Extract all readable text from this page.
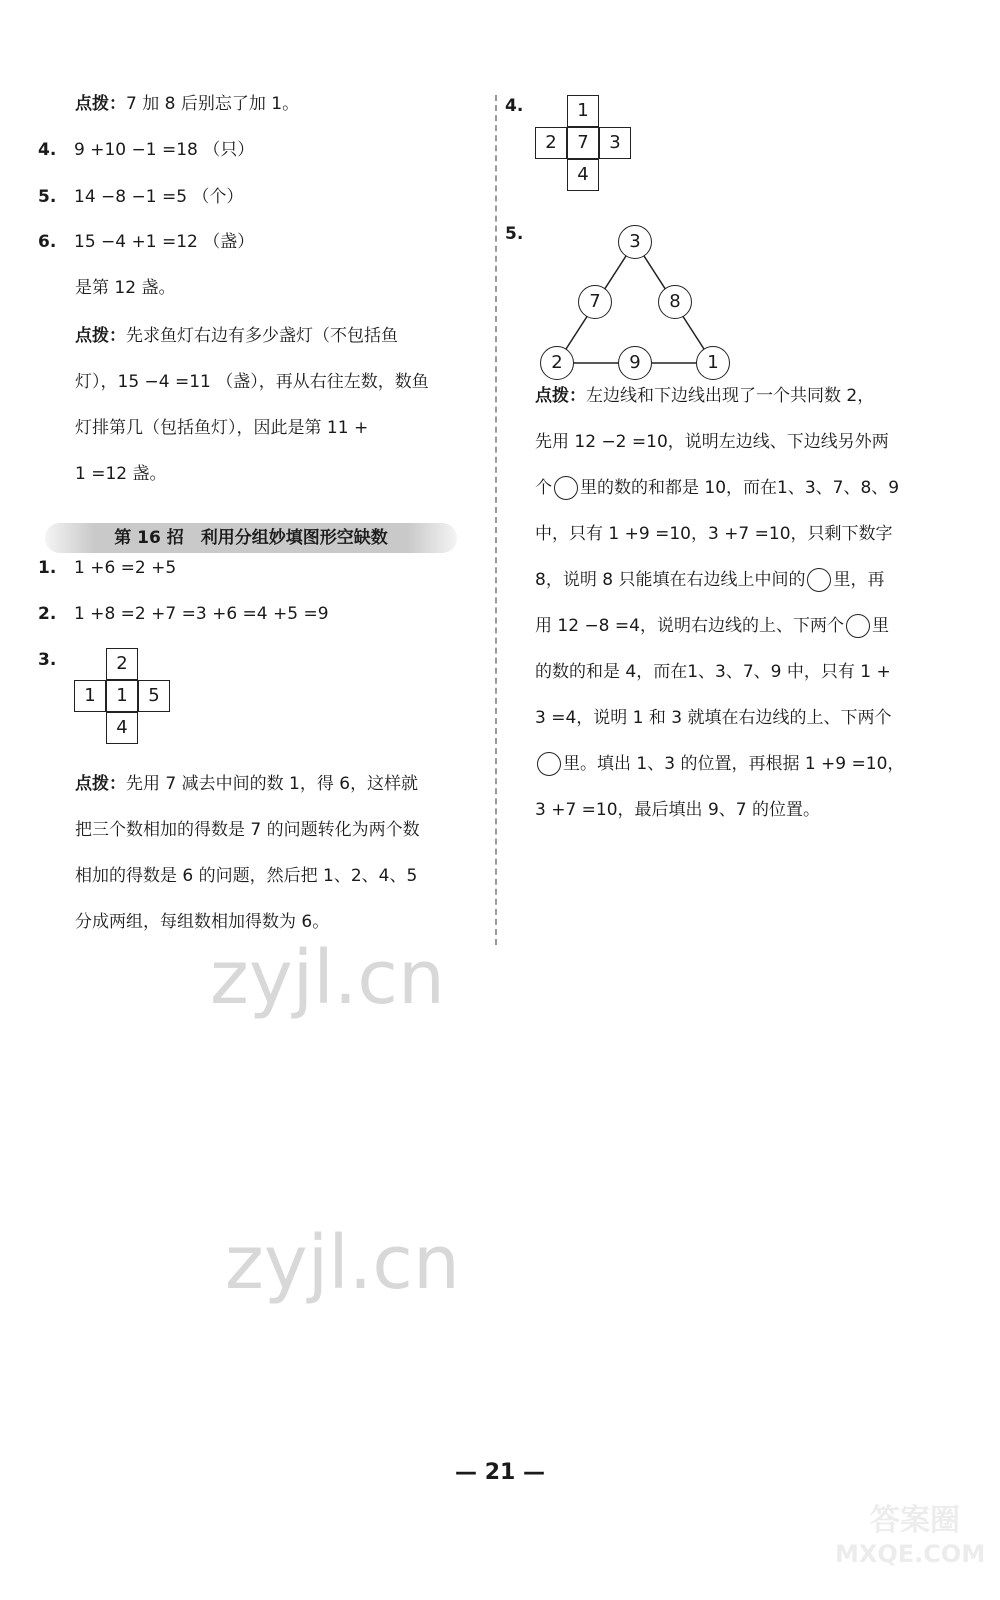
点拨：7 加 8 后别忘了加 1。
4. 9 +10 −1 =18 （只）
5. 14 −8 −1 =5 （个）
6. 15 −4 +1 =12 （盏）
是第 12 盏。
点拨：先求鱼灯右边有多少盏灯（不包括鱼
灯），15 −4 =11 （盏），再从右往左数，数鱼
灯排第几（包括鱼灯），因此是第 11 +
1 =12 盏。
第 16 招　利用分组妙填图形空缺数
1. 1 +6 =2 +5
2. 1 +8 =2 +7 =3 +6 =4 +5 =9
3.	2
1	1	5
4
点拨：先用 7 减去中间的数 1，得 6，这样就
把三个数相加的得数是 7 的问题转化为两个数
相加的得数是 6 的问题，然后把 1、2、4、5
分成两组，每组数相加得数为 6。
4.	1
2	7	3
4
5.	3
7	8
2	9	1
点拨：左边线和下边线出现了一个共同数 2，
先用 12 −2 =10，说明左边线、下边线另外两
个 里的数的和都是 10，而在1、3、7、8、9
中，只有 1 +9 =10，3 +7 =10，只剩下数字
8，说明 8 只能填在右边线上中间的 里，再
用 12 −8 =4，说明右边线的上、下两个 里
的数的和是 4，而在1、3、7、9 中，只有 1 +
3 =4，说明 1 和 3 就填在右边线的上、下两个
里。填出 1、3 的位置，再根据 1 +9 =10，
3 +7 =10，最后填出 9、7 的位置。
zyjl.cn
zyjl.cn
答案圈
MXQE.COM
— 21 —
